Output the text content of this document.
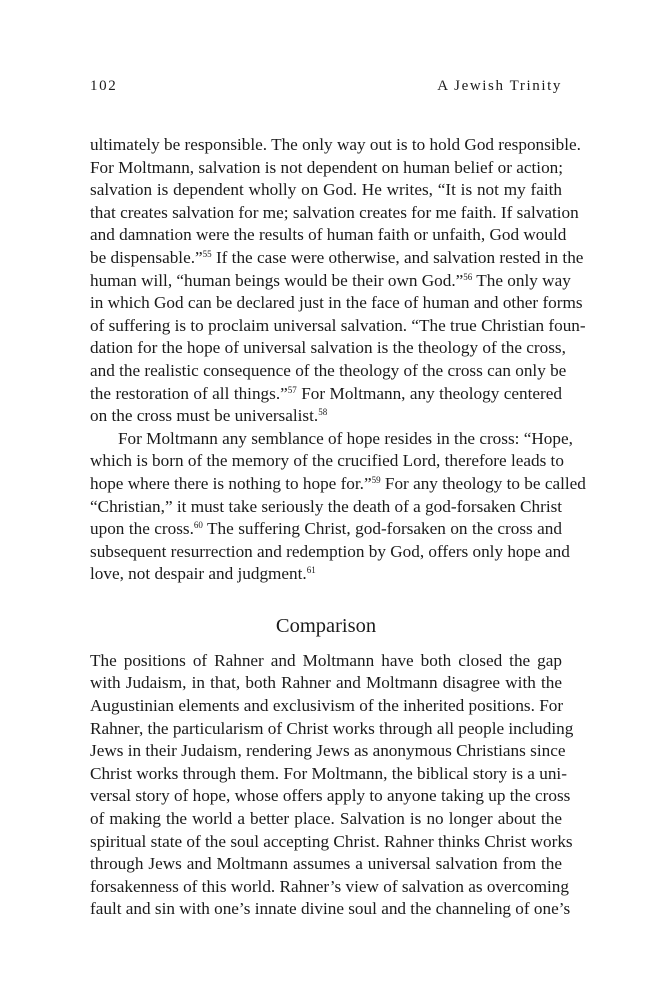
102	A Jewish Trinity
ultimately be responsible. The only way out is to hold God responsible.
For Moltmann, salvation is not dependent on human belief or action;
salvation is dependent wholly on God. He writes, “It is not my faith
that creates salvation for me; salvation creates for me faith. If salvation
and damnation were the results of human faith or unfaith, God would
be dispensable.”$^{55}$ If the case were otherwise, and salvation rested in the
human will, “human beings would be their own God.”$^{56}$ The only way
in which God can be declared just in the face of human and other forms
of suffering is to proclaim universal salvation. “The true Christian foun-
dation for the hope of universal salvation is the theology of the cross,
and the realistic consequence of the theology of the cross can only be
the restoration of all things.”$^{57}$ For Moltmann, any theology centered
on the cross must be universalist.$^{58}$
For Moltmann any semblance of hope resides in the cross: “Hope,
which is born of the memory of the crucified Lord, therefore leads to
hope where there is nothing to hope for.”$^{59}$ For any theology to be called
“Christian,” it must take seriously the death of a god-forsaken Christ
upon the cross.$^{60}$ The suffering Christ, god-forsaken on the cross and
subsequent resurrection and redemption by God, offers only hope and
love, not despair and judgment.$^{61}$
Comparison
The positions of Rahner and Moltmann have both closed the gap
with Judaism, in that, both Rahner and Moltmann disagree with the
Augustinian elements and exclusivism of the inherited positions. For
Rahner, the particularism of Christ works through all people including
Jews in their Judaism, rendering Jews as anonymous Christians since
Christ works through them. For Moltmann, the biblical story is a uni-
versal story of hope, whose offers apply to anyone taking up the cross
of making the world a better place. Salvation is no longer about the
spiritual state of the soul accepting Christ. Rahner thinks Christ works
through Jews and Moltmann assumes a universal salvation from the
forsakenness of this world. Rahner’s view of salvation as overcoming
fault and sin with one’s innate divine soul and the channeling of one’s
